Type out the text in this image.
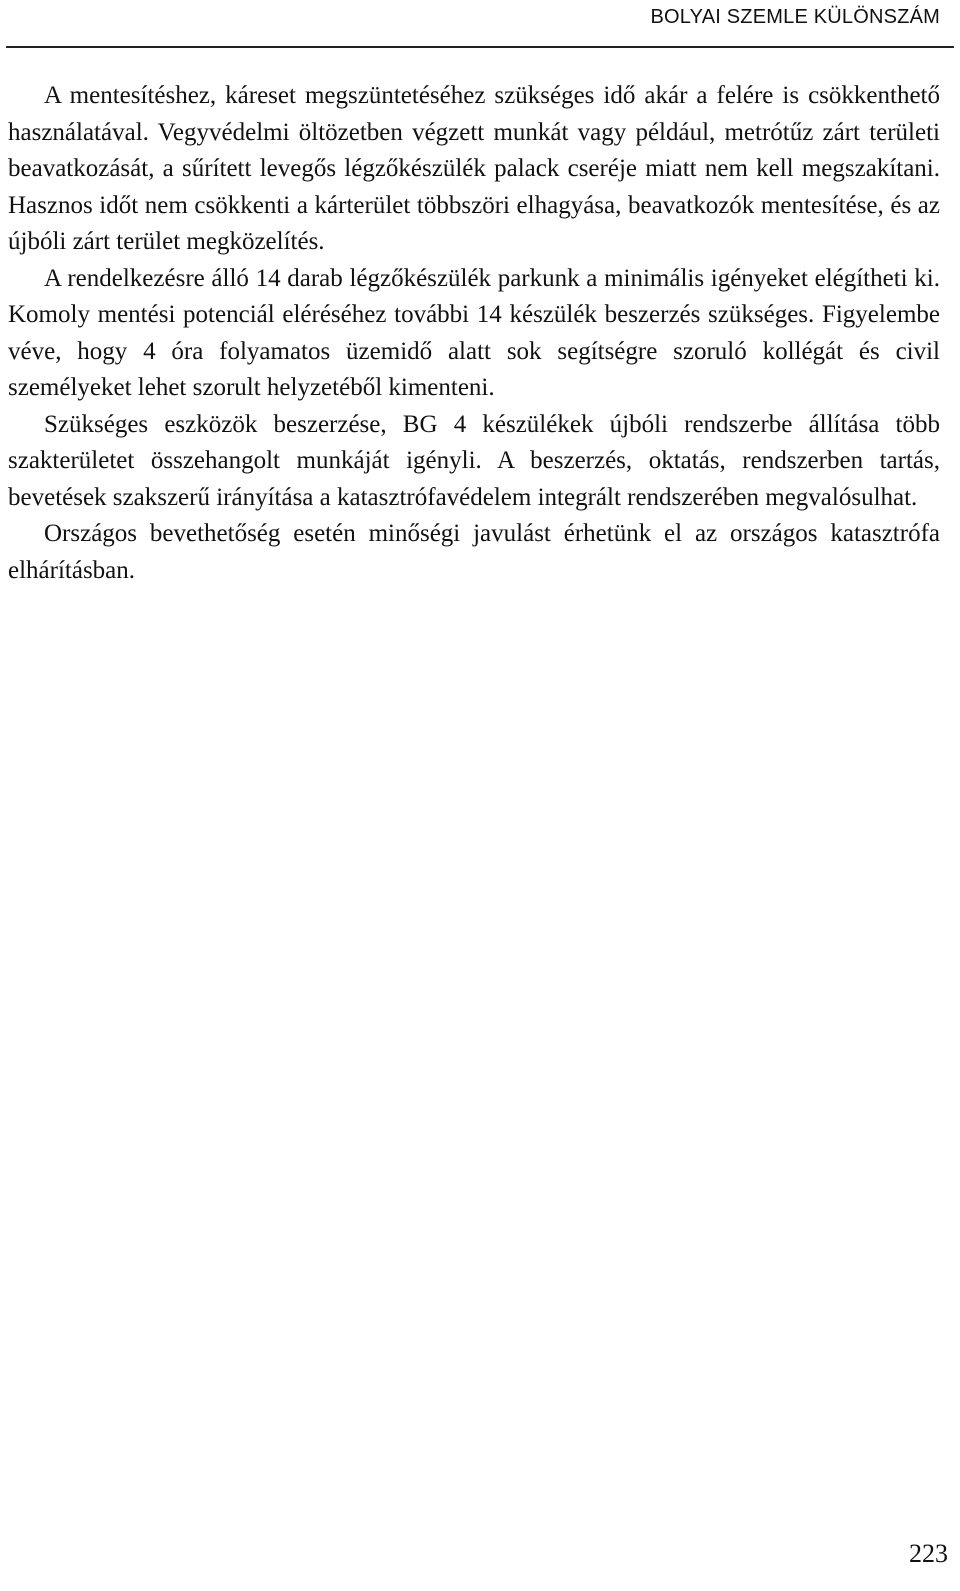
BOLYAI SZEMLE KÜLÖNSZÁM

A mentesítéshez, káreset megszüntetéséhez szükséges idő akár a felére is csökkenthető használatával. Vegyvédelmi öltözetben végzett munkát vagy például, metrótűz zárt területi beavatkozását, a sűrített levegős légzőkészülék palack cseréje miatt nem kell megszakítani. Hasznos időt nem csökkenti a kárterület többszöri elhagyása, beavatkozók mentesítése, és az újbóli zárt terület megközelítés.

A rendelkezésre álló 14 darab légzőkészülék parkunk a minimális igényeket elégítheti ki. Komoly mentési potenciál eléréséhez további 14 készülék beszerzés szükséges. Figyelembe véve, hogy 4 óra folyamatos üzemidő alatt sok segítségre szoruló kollégát és civil személyeket lehet szorult helyzetéből kimenteni.

Szükséges eszközök beszerzése, BG 4 készülékek újbóli rendszerbe állítása több szakterületet összehangolt munkáját igényli. A beszerzés, oktatás, rendszerben tartás, bevetések szakszerű irányítása a katasztrófavédelem integrált rendszerében megvalósulhat.

Országos bevethetőség esetén minőségi javulást érhetünk el az országos katasztrófa elhárításban.

223
